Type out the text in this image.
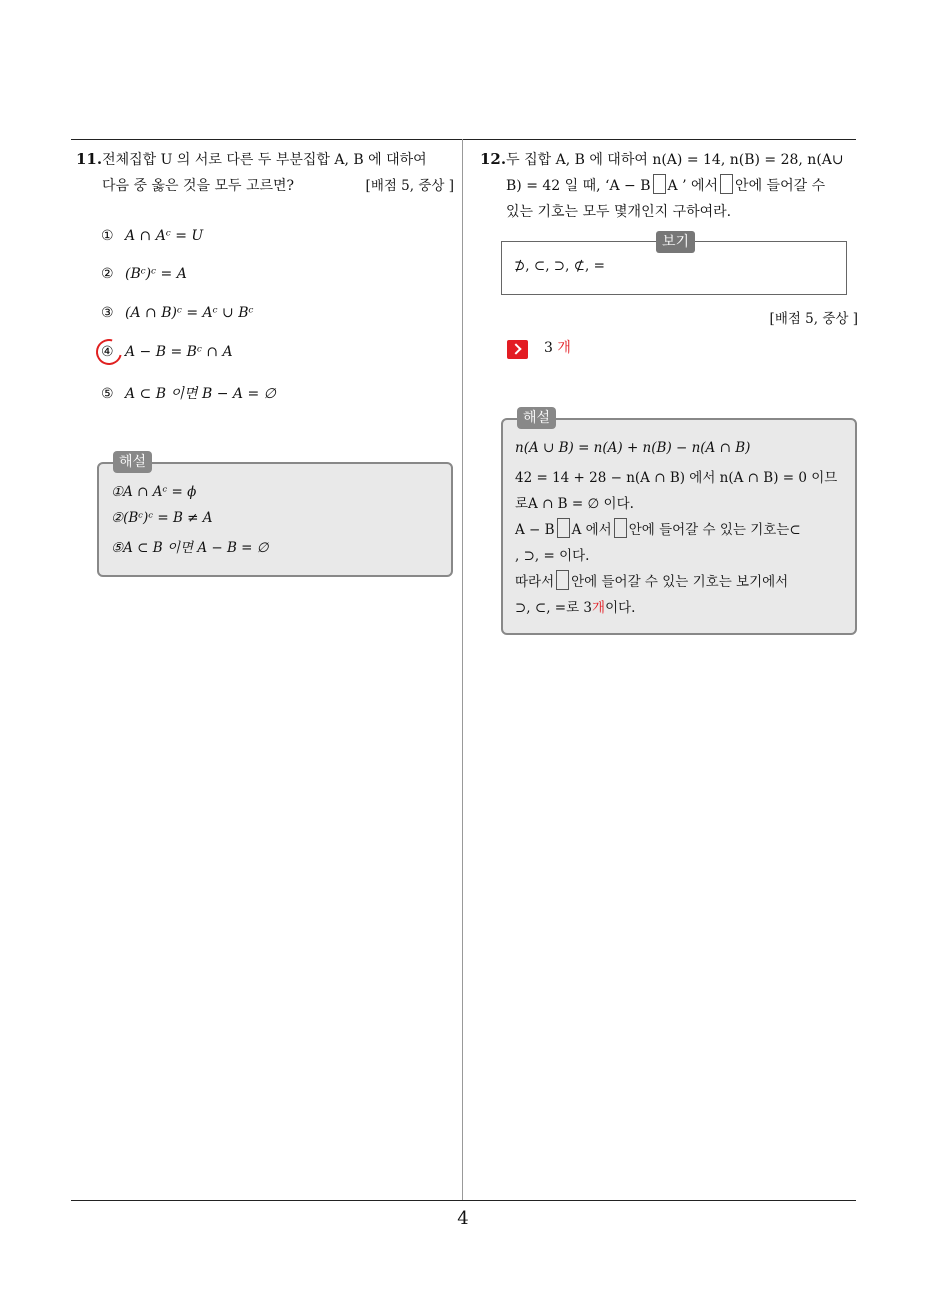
11.전체집합 U 의 서로 다른 두 부분집합 A, B 에 대하여
다음 중 옳은 것을 모두 고르면?	[배점 5, 중상 ]
① A ∩ Aᶜ = U
② (Bᶜ)ᶜ = A
③ (A ∩ B)ᶜ = Aᶜ ∪ Bᶜ
④ A − B = Bᶜ ∩ A
⑤ A ⊂ B 이면 B − A = ∅
해설
①A ∩ Aᶜ = ϕ
②(Bᶜ)ᶜ = B ≠ A
⑤A ⊂ B 이면 A − B = ∅
12.두 집합 A, B 에 대하여 n(A) = 14, n(B) = 28, n(A∪
B) = 42 일 때, ‘A − B A ’ 에서 안에 들어갈 수
있는 기호는 모두 몇개인지 구하여라.
보기
⊅, ⊂, ⊃, ⊄, =
[배점 5, 중상 ]
3 개
해설
n(A ∪ B) = n(A) + n(B) − n(A ∩ B)
42 = 14 + 28 − n(A ∩ B) 에서 n(A ∩ B) = 0 이므
로A ∩ B = ∅ 이다.
A − B A 에서 안에 들어갈 수 있는 기호는⊂
, ⊃, = 이다.
따라서 안에 들어갈 수 있는 기호는 보기에서
⊃, ⊂, =로 3개이다.
4
